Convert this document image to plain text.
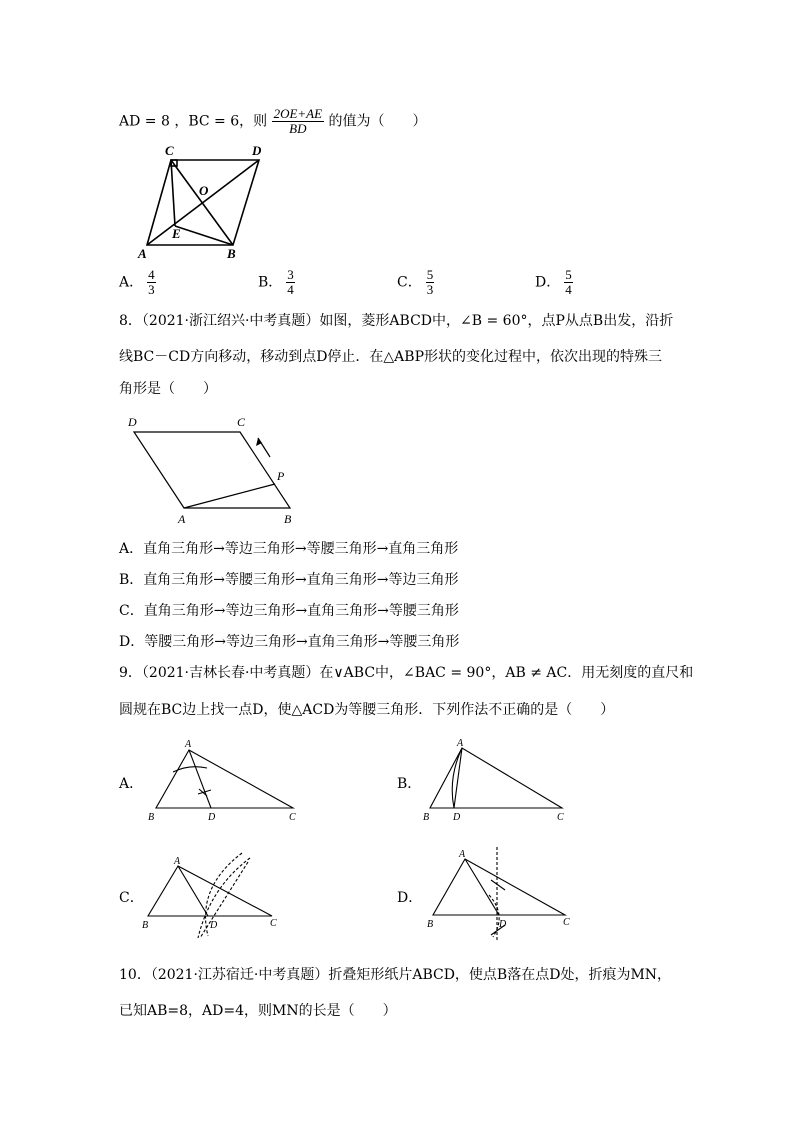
AD = 8 ，BC = 6，则 $\frac{2OE+AE}{BD}$ 的值为（　　）
C	D
O
E
A	B
A． $\frac{4}{3}$	B． $\frac{3}{4}$	C． $\frac{5}{3}$	D． $\frac{5}{4}$
8．（2021·浙江绍兴·中考真题）如图，菱形ABCD中，∠B = 60°，点P从点B出发，沿折
线BC－CD方向移动，移动到点D停止．在△ABP形状的变化过程中，依次出现的特殊三
角形是（　　）
D	C
P
A	B
A．直角三角形→等边三角形→等腰三角形→直角三角形
B．直角三角形→等腰三角形→直角三角形→等边三角形
C．直角三角形→等边三角形→直角三角形→等腰三角形
D．等腰三角形→等边三角形→直角三角形→等腰三角形
9．（2021·吉林长春·中考真题）在∨ABC中，∠BAC = 90°，AB ≠ AC．用无刻度的直尺和
圆规在BC边上找一点D，使△ACD为等腰三角形．下列作法不正确的是（　　）
A．	B．
C．	D．
A
B	D	C
A
B D	C
A
B	D	C
A
B	D	C
10．（2021·江苏宿迁·中考真题）折叠矩形纸片ABCD，使点B落在点D处，折痕为MN，
已知AB=8，AD=4，则MN的长是（　　）
